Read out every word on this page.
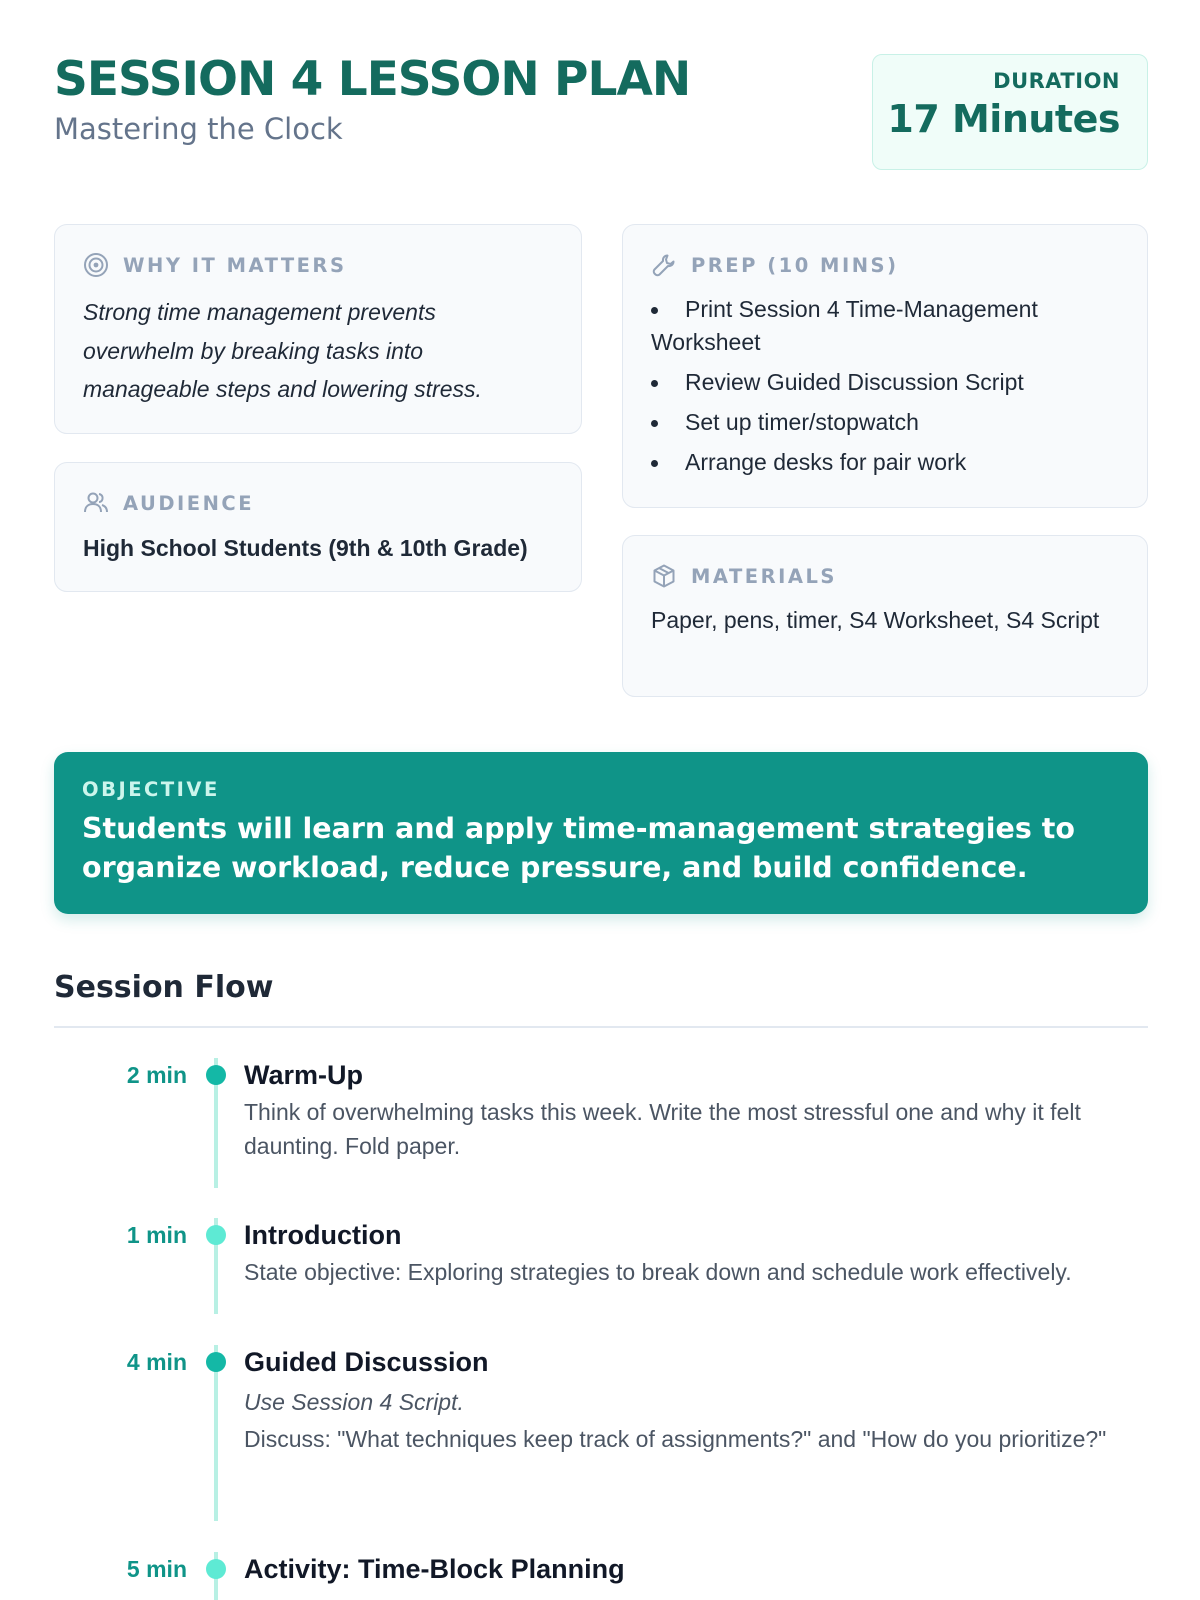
SESSION 4 LESSON PLAN
Mastering the Clock
DURATION
17 Minutes
WHY IT MATTERS
Strong time management prevents overwhelm by breaking tasks into manageable steps and lowering stress.
AUDIENCE
High School Students (9th & 10th Grade)
PREP (10 MINS)
Print Session 4 Time-Management Worksheet
Review Guided Discussion Script
Set up timer/stopwatch
Arrange desks for pair work
MATERIALS
Paper, pens, timer, S4 Worksheet, S4 Script
OBJECTIVE
Students will learn and apply time-management strategies to organize workload, reduce pressure, and build confidence.
Session Flow
2 min Warm-Up
Think of overwhelming tasks this week. Write the most stressful one and why it felt daunting. Fold paper.
1 min Introduction
State objective: Exploring strategies to break down and schedule work effectively.
4 min Guided Discussion
Use Session 4 Script.
Discuss: "What techniques keep track of assignments?" and "How do you prioritize?"
5 min Activity: Time-Block Planning
